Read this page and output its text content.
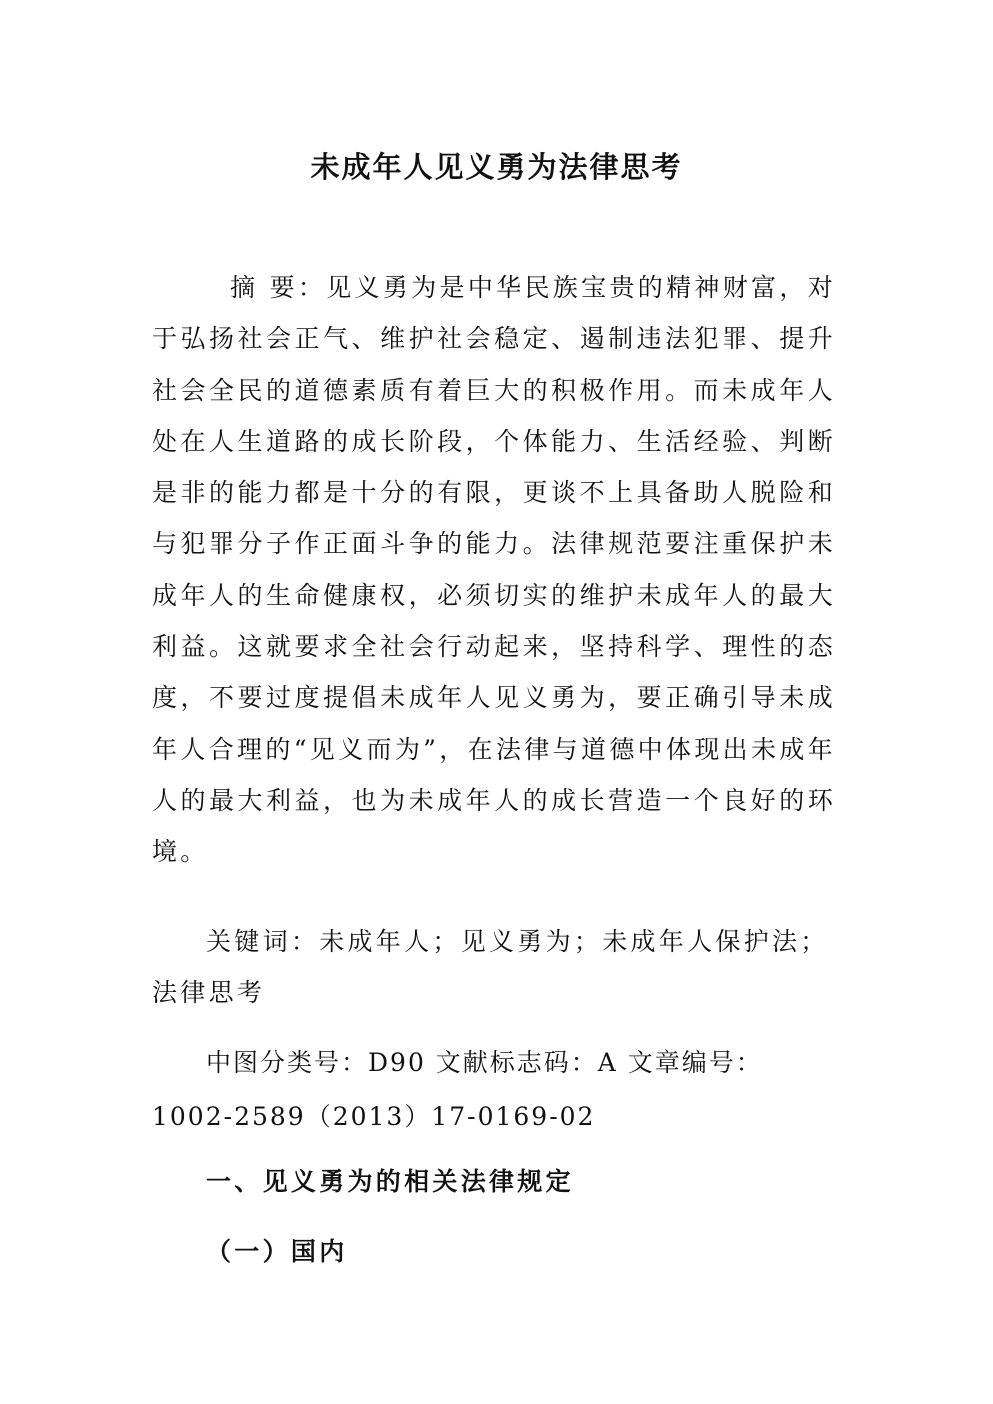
未成年人见义勇为法律思考

摘 要：见义勇为是中华民族宝贵的精神财富，对于弘扬社会正气、维护社会稳定、遏制违法犯罪、提升社会全民的道德素质有着巨大的积极作用。而未成年人处在人生道路的成长阶段，个体能力、生活经验、判断是非的能力都是十分的有限，更谈不上具备助人脱险和与犯罪分子作正面斗争的能力。法律规范要注重保护未成年人的生命健康权，必须切实的维护未成年人的最大利益。这就要求全社会行动起来，坚持科学、理性的态度，不要过度提倡未成年人见义勇为，要正确引导未成年人合理的“见义而为”，在法律与道德中体现出未成年人的最大利益，也为未成年人的成长营造一个良好的环境。

关键词：未成年人；见义勇为；未成年人保护法；法律思考

中图分类号：D90 文献标志码：A 文章编号：1002-2589（2013）17-0169-02

一、见义勇为的相关法律规定
（一）国内
